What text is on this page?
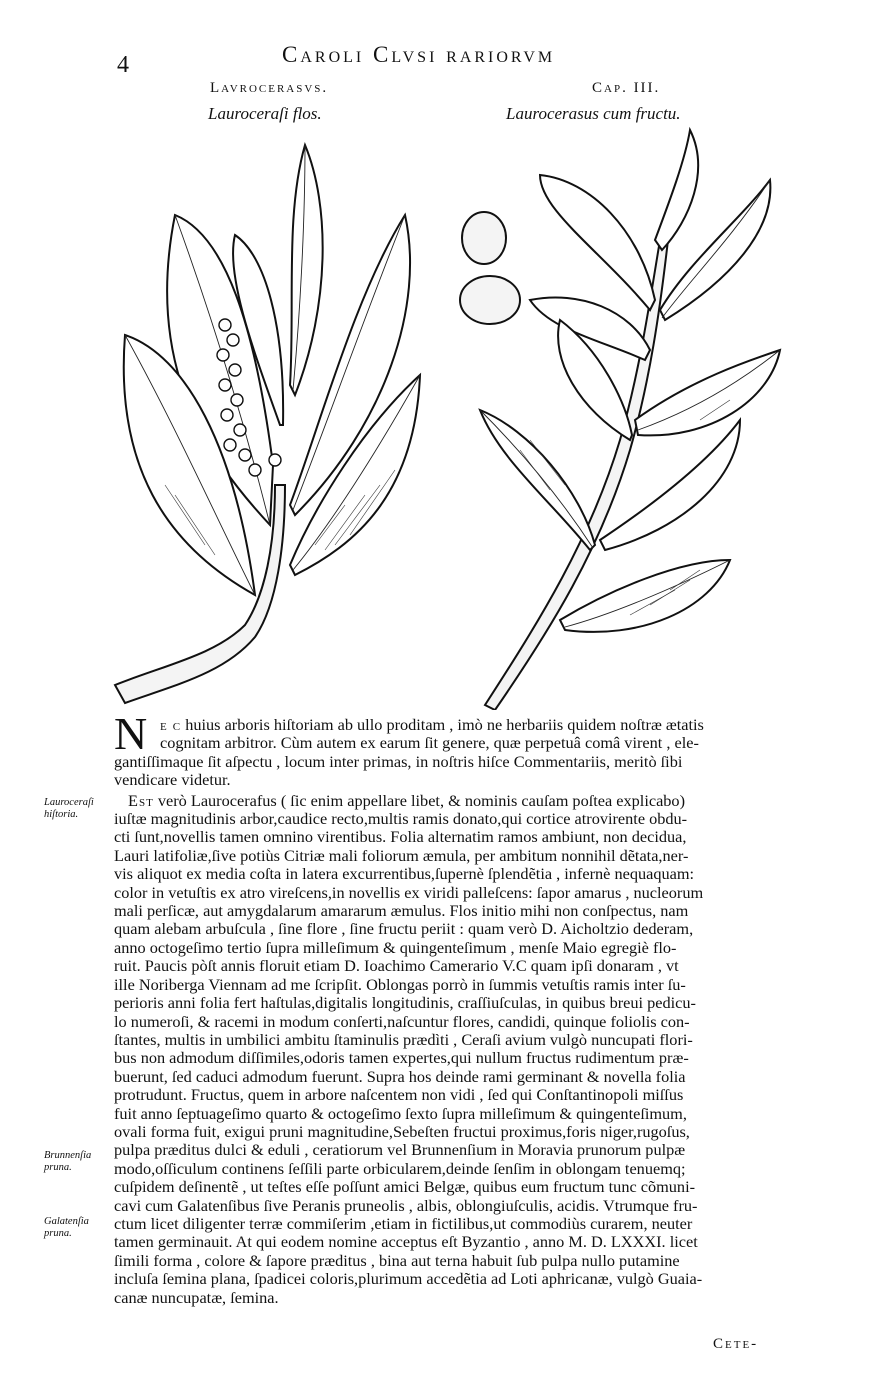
4	Caroli Clvsi rariorvm
Lavrocerasvs.	Cap. III.
Lauroceraſi flos.	Laurocerasus cum fructu.
N e c huius arboris hiſtoriam ab ullo proditam , imò ne herbariis quidem noſtræ ætatis
cognitam arbitror. Cùm autem ex earum ſit genere, quæ perpetuâ comâ virent , ele-
gantiſſimaque ſit aſpectu , locum inter primas, in noſtris hiſce Commentariis, meritò ſibi
vendicare videtur.
Est verò Laurocerafus ( ſic enim appellare libet, & nominis cauſam poſtea explicabo)
iuſtæ magnitudinis arbor,caudice recto,multis ramis donato,qui cortice atrovirente obdu-
cti ſunt,novellis tamen omnino virentibus. Folia alternatim ramos ambiunt, non decidua,
Lauri latifoliæ,ſive potiùs Citriæ mali foliorum æmula, per ambitum nonnihil dẽtata,ner-
vis aliquot ex media coſta in latera excurrentibus,ſupernè ſplendẽtia , infernè nequaquam:
color in vetuſtis ex atro vireſcens,in novellis ex viridi palleſcens: ſapor amarus , nucleorum
mali perſicæ, aut amygdalarum amararum æmulus. Flos initio mihi non conſpectus, nam
quam alebam arbuſcula , ſine flore , ſine fructu periit : quam verò D. Aicholtzio dederam,
anno octogeſimo tertio ſupra milleſimum & quingenteſimum , menſe Maio egregiè flo-
ruit. Paucis pòſt annis floruit etiam D. Ioachimo Camerario V.C quam ipſi donaram , vt
ille Noriberga Viennam ad me ſcripſit. Oblongas porrò in ſummis vetuſtis ramis inter ſu-
perioris anni folia fert haſtulas,digitalis longitudinis, craſſiuſculas, in quibus breui pedicu-
lo numeroſi, & racemi in modum conſerti,naſcuntur flores, candidi, quinque foliolis con-
ſtantes, multis in umbilici ambitu ſtaminulis prædìti , Ceraſi avium vulgò nuncupati flori-
bus non admodum diſſimiles,odoris tamen expertes,qui nullum fructus rudimentum præ-
buerunt, ſed caduci admodum fuerunt. Supra hos deinde rami germinant & novella folia
protrudunt. Fructus, quem in arbore naſcentem non vidi , ſed qui Conſtantinopoli miſſus
fuit anno ſeptuageſimo quarto & octogeſimo ſexto ſupra milleſimum & quingenteſimum,
ovali forma fuit, exigui pruni magnitudine,Sebeſten fructui proximus,foris niger,rugoſus,
pulpa præditus dulci & eduli , ceratiorum vel Brunnenſium in Moravia prunorum pulpæ
modo,oſſiculum continens ſeſſili parte orbicularem,deinde ſenſim in oblongam tenuemq;
cuſpidem deſinentẽ , ut teſtes eſſe poſſunt amici Belgæ, quibus eum fructum tunc cõmuni-
cavi cum Galatenſibus ſive Peranis pruneolis , albis, oblongiuſculis, acidis. Vtrumque fru-
ctum licet diligenter terræ commiſerim ,etiam in fictilibus,ut commodiùs curarem, neuter
tamen germinauit. At qui eodem nomine acceptus eſt Byzantio , anno M. D. LXXXI. licet
ſimili forma , colore & ſapore præditus , bina aut terna habuit ſub pulpa nullo putamine
incluſa ſemina plana, ſpadicei coloris,plurimum accedẽtia ad Loti aphricanæ, vulgò Guaia-
canæ nuncupatæ, ſemina.
Lauroceraſi hiſtoria.
Brunnenſia pruna.
Galatenſia pruna.
Cete-
